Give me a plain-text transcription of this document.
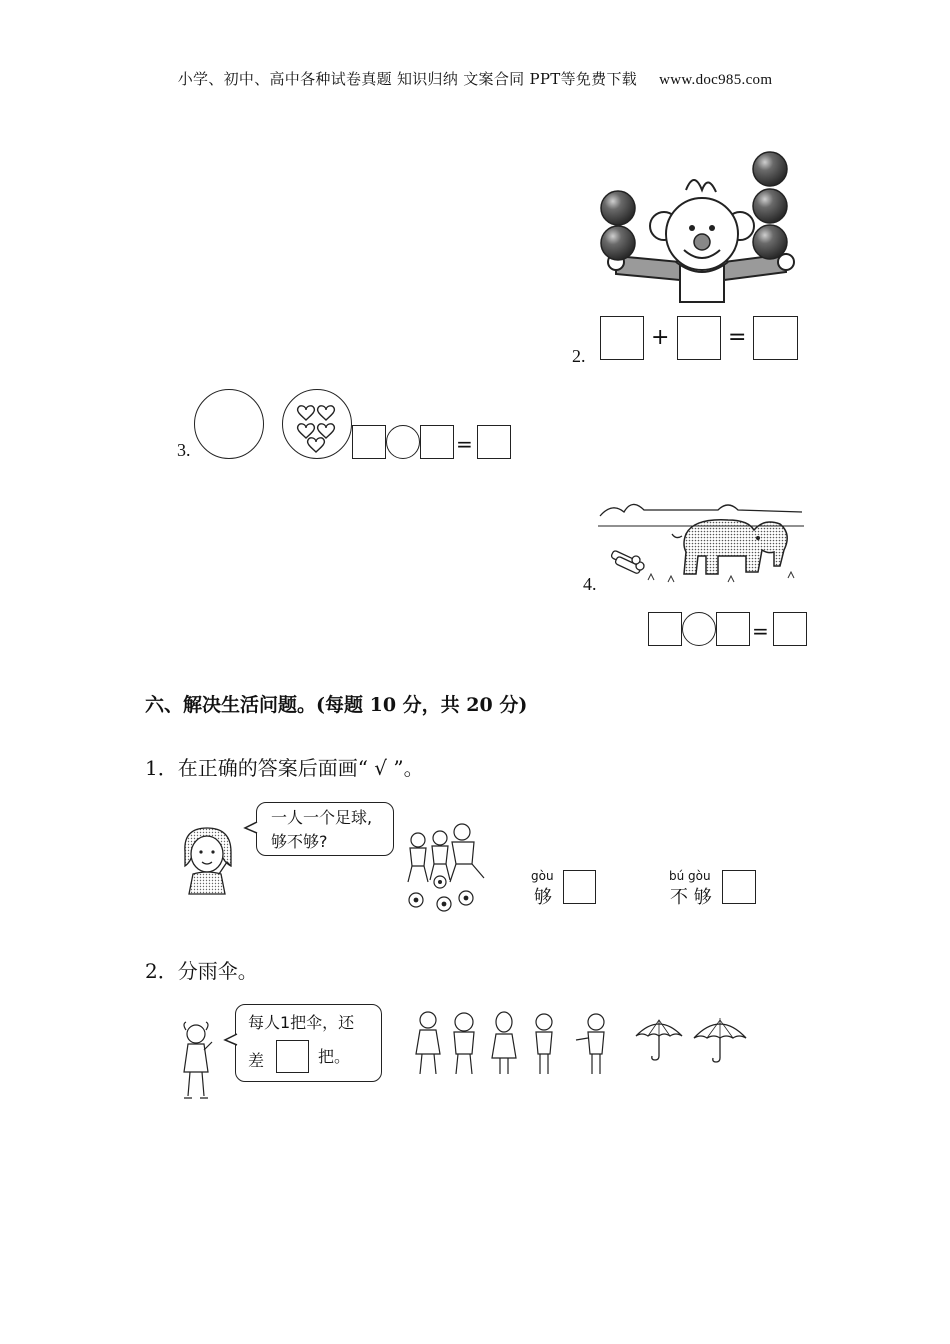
小学、初中、高中各种试卷真题 知识归纳 文案合同 PPT等免费下载 www.doc985.com
2.
+	=
3.	=
4.
=
六、解决生活问题。(每题 10 分，共 20 分)
1．在正确的答案后面画“ √ ”。
一人一个足球,
够不够?
gòu
够
bú gòu
不 够
2．分雨伞。
每人1把伞，还
差	把。
